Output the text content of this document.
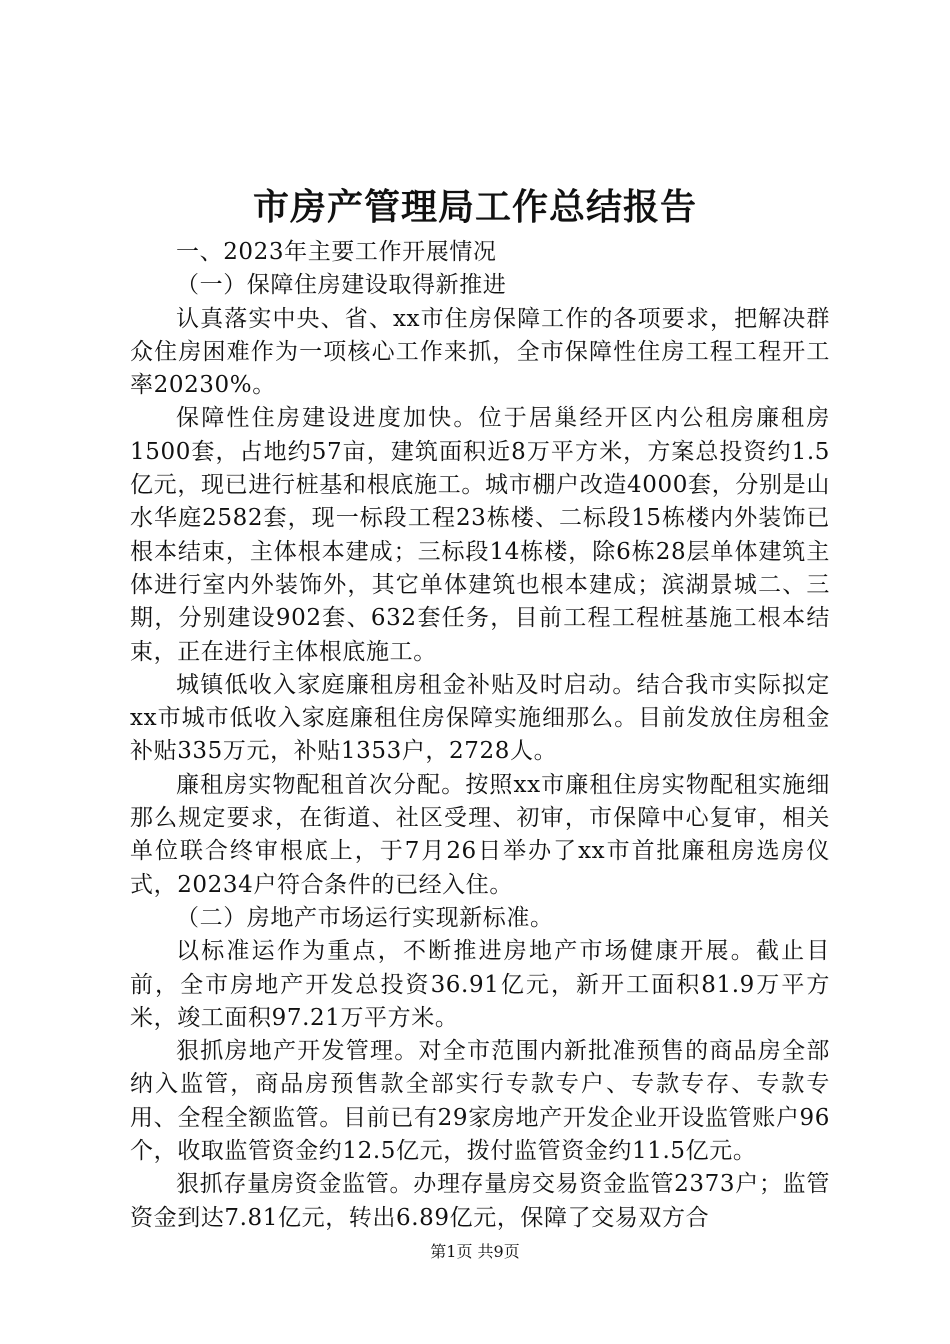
市房产管理局工作总结报告

一、2023年主要工作开展情况

（一）保障住房建设取得新推进

认真落实中央、省、xx市住房保障工作的各项要求，把解决群众住房困难作为一项核心工作来抓，全市保障性住房工程工程开工率20230%。

保障性住房建设进度加快。位于居巢经开区内公租房廉租房1500套，占地约57亩，建筑面积近8万平方米，方案总投资约1.5亿元，现已进行桩基和根底施工。城市棚户改造4000套，分别是山水华庭2582套，现一标段工程23栋楼、二标段15栋楼内外装饰已根本结束，主体根本建成；三标段14栋楼，除6栋28层单体建筑主体进行室内外装饰外，其它单体建筑也根本建成；滨湖景城二、三期，分别建设902套、632套任务，目前工程工程桩基施工根本结束，正在进行主体根底施工。

城镇低收入家庭廉租房租金补贴及时启动。结合我市实际拟定xx市城市低收入家庭廉租住房保障实施细那么。目前发放住房租金补贴335万元，补贴1353户，2728人。

廉租房实物配租首次分配。按照xx市廉租住房实物配租实施细那么规定要求，在街道、社区受理、初审，市保障中心复审，相关单位联合终审根底上，于7月26日举办了xx市首批廉租房选房仪式，20234户符合条件的已经入住。

（二）房地产市场运行实现新标准。

以标准运作为重点，不断推进房地产市场健康开展。截止目前，全市房地产开发总投资36.91亿元，新开工面积81.9万平方米，竣工面积97.21万平方米。

狠抓房地产开发管理。对全市范围内新批准预售的商品房全部纳入监管，商品房预售款全部实行专款专户、专款专存、专款专用、全程全额监管。目前已有29家房地产开发企业开设监管账户96个，收取监管资金约12.5亿元，拨付监管资金约11.5亿元。

狠抓存量房资金监管。办理存量房交易资金监管2373户；监管资金到达7.81亿元，转出6.89亿元，保障了交易双方合

第1页 共9页
